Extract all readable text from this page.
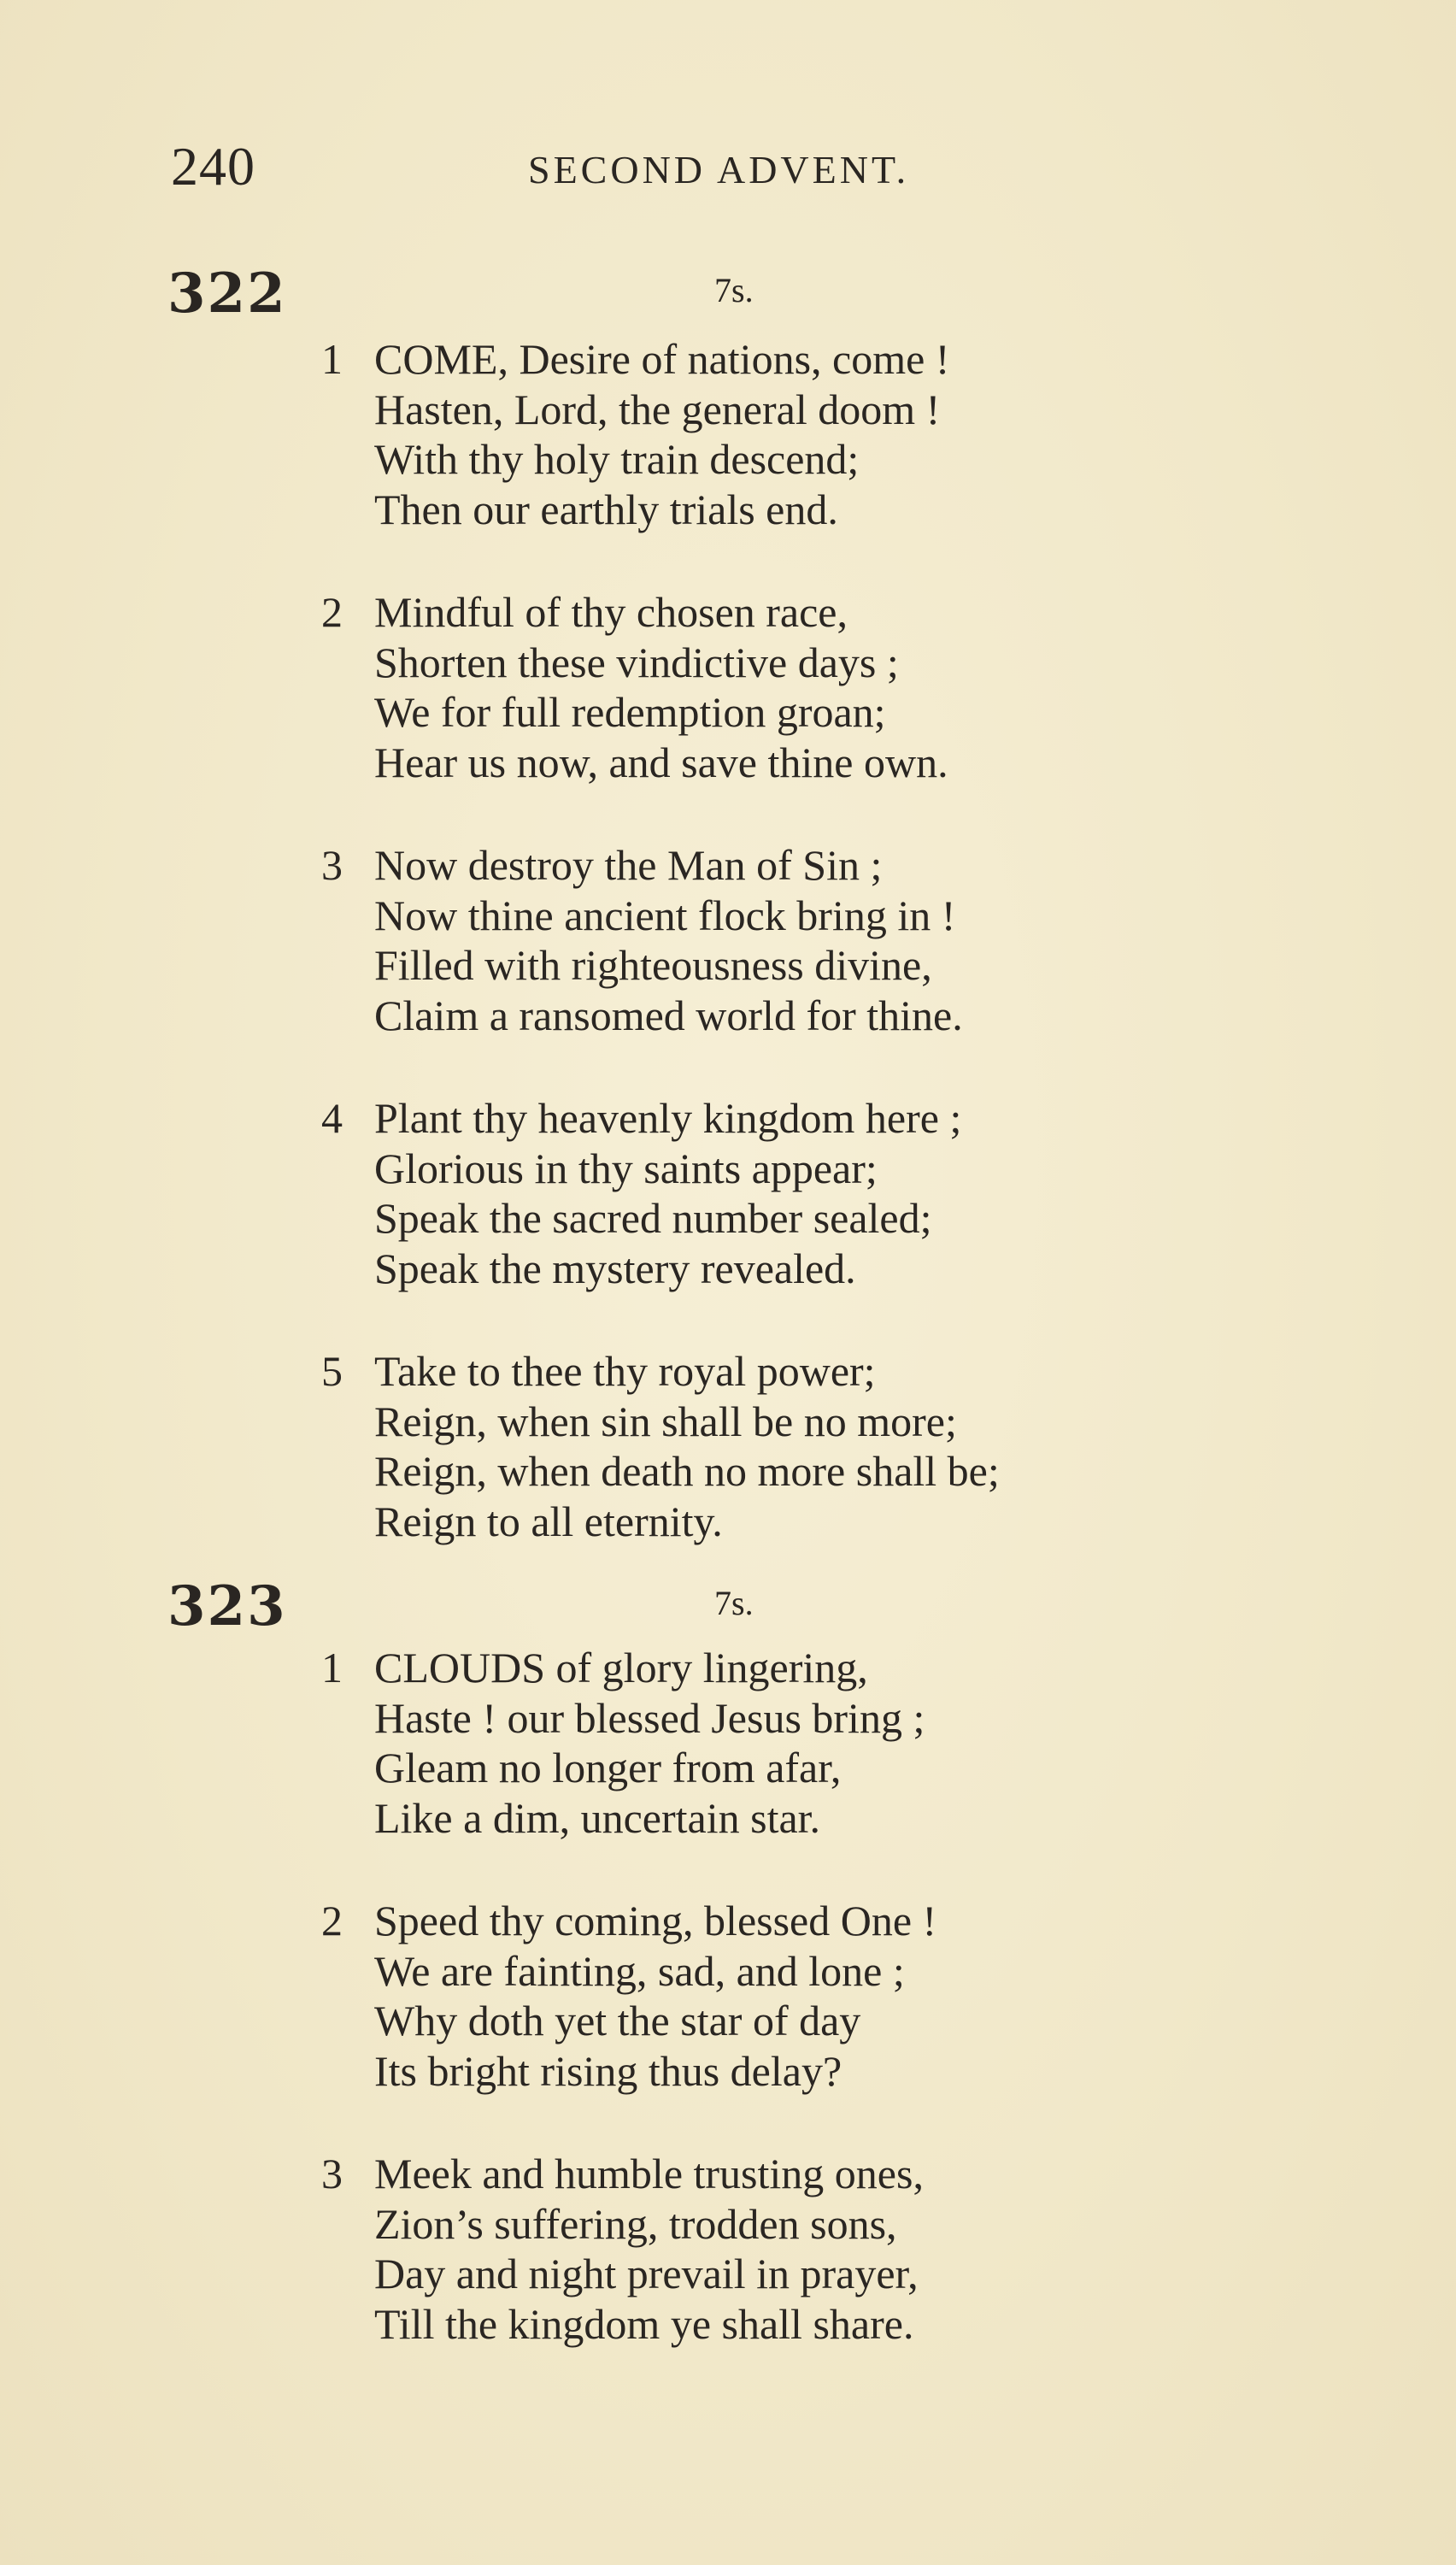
240	SECOND ADVENT.
322	7s.
1 COME, Desire of nations, come !
Hasten, Lord, the general doom !
With thy holy train descend;
Then our earthly trials end.
2 Mindful of thy chosen race,
Shorten these vindictive days ;
We for full redemption groan;
Hear us now, and save thine own.
3 Now destroy the Man of Sin ;
Now thine ancient flock bring in !
Filled with righteousness divine,
Claim a ransomed world for thine.
4 Plant thy heavenly kingdom here ;
Glorious in thy saints appear;
Speak the sacred number sealed;
Speak the mystery revealed.
5 Take to thee thy royal power;
Reign, when sin shall be no more;
Reign, when death no more shall be;
Reign to all eternity.
323	7s.
1 CLOUDS of glory lingering,
Haste ! our blessed Jesus bring ;
Gleam no longer from afar,
Like a dim, uncertain star.
2 Speed thy coming, blessed One !
We are fainting, sad, and lone ;
Why doth yet the star of day
Its bright rising thus delay?
3 Meek and humble trusting ones,
Zion’s suffering, trodden sons,
Day and night prevail in prayer,
Till the kingdom ye shall share.
